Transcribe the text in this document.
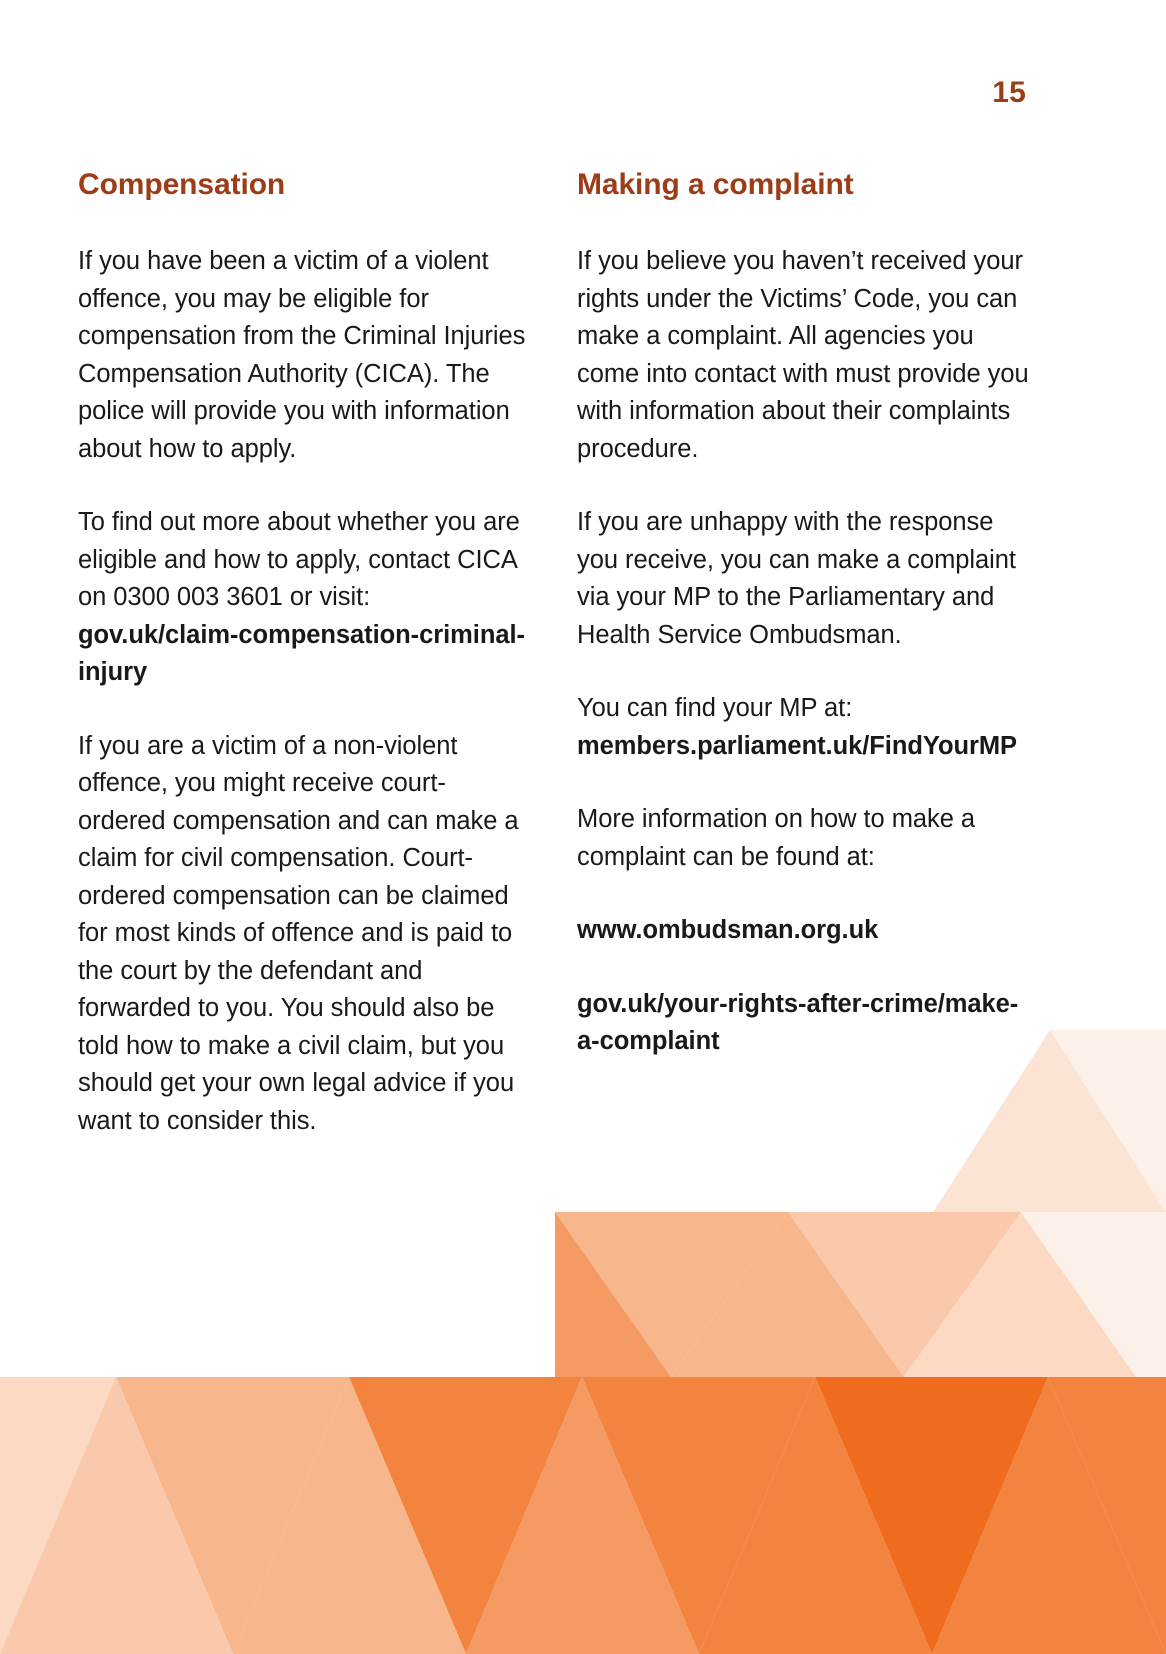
15
Compensation

If you have been a victim of a violent offence, you may be eligible for compensation from the Criminal Injuries Compensation Authority (CICA). The police will provide you with information about how to apply.

To find out more about whether you are eligible and how to apply, contact CICA on 0300 003 3601 or visit: gov.uk/claim-compensation-criminal-injury

If you are a victim of a non-violent offence, you might receive court-ordered compensation and can make a claim for civil compensation. Court-ordered compensation can be claimed for most kinds of offence and is paid to the court by the defendant and forwarded to you. You should also be told how to make a civil claim, but you should get your own legal advice if you want to consider this.

Making a complaint

If you believe you haven’t received your rights under the Victims’ Code, you can make a complaint. All agencies you come into contact with must provide you with information about their complaints procedure.

If you are unhappy with the response you receive, you can make a complaint via your MP to the Parliamentary and Health Service Ombudsman.

You can find your MP at: members.parliament.uk/FindYourMP

More information on how to make a complaint can be found at:

www.ombudsman.org.uk

gov.uk/your-rights-after-crime/make-a-complaint
